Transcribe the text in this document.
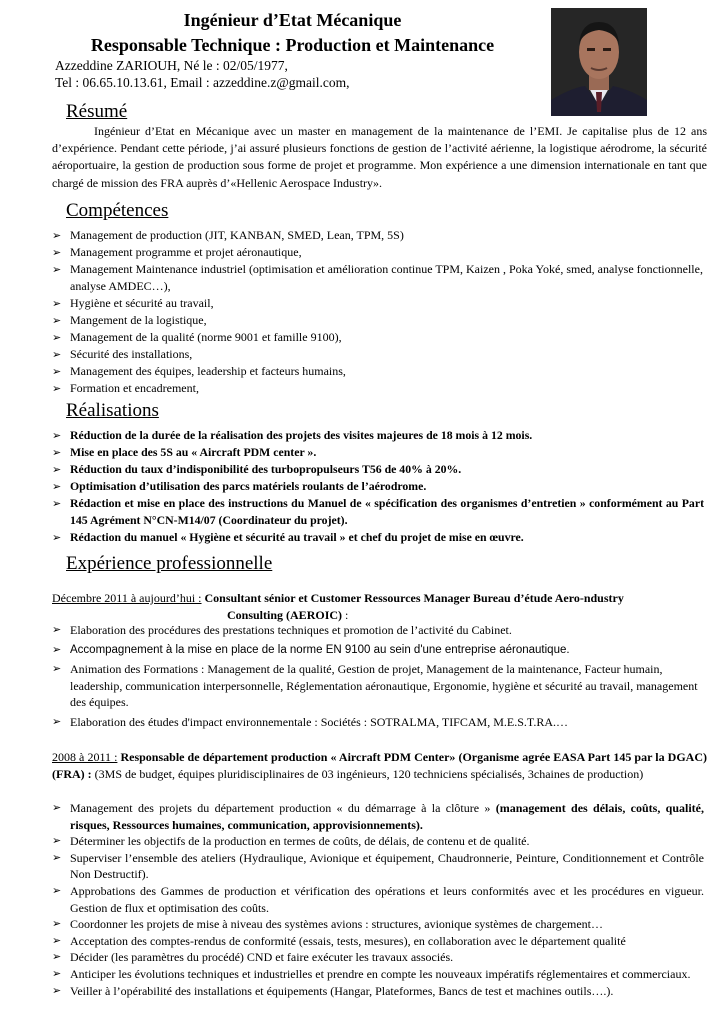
Ingénieur d’Etat Mécanique
Responsable Technique : Production et Maintenance
Azzeddine ZARIOUH, Né le : 02/05/1977,
Tel : 06.65.10.13.61, Email : azzeddine.z@gmail.com,
Résumé
Ingénieur d’Etat en Mécanique avec un master en management de la maintenance de l’EMI. Je capitalise plus de 12 ans d’expérience. Pendant cette période, j’ai assuré plusieurs fonctions de gestion de l’activité aérienne, la logistique aérodrome, la sécurité aéroportuaire, la gestion de production sous forme de projet et programme. Mon expérience a une dimension internationale en tant que chargé de mission des FRA auprès d’«Hellenic Aerospace Industry».
Compétences
➢ Management de production (JIT, KANBAN, SMED, Lean, TPM, 5S)
➢ Management programme et projet aéronautique,
➢ Management Maintenance industriel (optimisation et amélioration continue TPM, Kaizen , Poka Yoké, smed, analyse fonctionnelle, analyse AMDEC…),
➢ Hygiène et sécurité au travail,
➢ Mangement de la logistique,
➢ Management de la qualité (norme 9001 et famille 9100),
➢ Sécurité des installations,
➢ Management des équipes, leadership et facteurs humains,
➢ Formation et encadrement,
Réalisations
➢ Réduction de la durée de la réalisation des projets des visites majeures de 18 mois à 12 mois.
➢ Mise en place des 5S au « Aircraft PDM center ».
➢ Réduction du taux d’indisponibilité des turbopropulseurs T56 de 40% à 20%.
➢ Optimisation d’utilisation des parcs matériels roulants de l’aérodrome.
➢ Rédaction et mise en place des instructions du Manuel de « spécification des organismes d’entretien » conformément au Part 145 Agrément N°CN-M14/07 (Coordinateur du projet).
➢ Rédaction du manuel « Hygiène et sécurité au travail » et chef du projet de mise en œuvre.
Expérience professionnelle
Décembre 2011 à aujourd’hui : Consultant sénior et Customer Ressources Manager Bureau d’étude Aero-ndustry
Consulting (AEROIC) :
➢ Elaboration des procédures des prestations techniques et promotion de l’activité du Cabinet.
➢ Accompagnement à la mise en place de la norme EN 9100 au sein d'une entreprise aéronautique.
➢ Animation des Formations : Management de la qualité, Gestion de projet, Management de la maintenance, Facteur humain, leadership, communication interpersonnelle, Réglementation aéronautique, Ergonomie, hygiène et sécurité au travail, management des équipes.
➢ Elaboration des études d'impact environnementale : Sociétés : SOTRALMA, TIFCAM, M.E.S.T.RA.…
2008 à 2011 : Responsable de département production « Aircraft PDM Center» (Organisme agrée EASA Part 145 par la DGAC) (FRA) : (3MS de budget, équipes pluridisciplinaires de 03 ingénieurs, 120 techniciens spécialisés, 3chaines de production)
➢ Management des projets du département production « du démarrage à la clôture » (management des délais, coûts, qualité, risques, Ressources humaines, communication, approvisionnements).
➢ Déterminer les objectifs de la production en termes de coûts, de délais, de contenu et de qualité.
➢ Superviser l’ensemble des ateliers (Hydraulique, Avionique et équipement, Chaudronnerie, Peinture, Conditionnement et Contrôle Non Destructif).
➢ Approbations des Gammes de production et vérification des opérations et leurs conformités avec et les procédures en vigueur. Gestion de flux et optimisation des coûts.
➢ Coordonner les projets de mise à niveau des systèmes avions : structures, avionique systèmes de chargement…
➢ Acceptation des comptes-rendus de conformité (essais, tests, mesures), en collaboration avec le département qualité
➢ Décider (les paramètres du procédé) CND et faire exécuter les travaux associés.
➢ Anticiper les évolutions techniques et industrielles et prendre en compte les nouveaux impératifs réglementaires et commerciaux.
➢ Veiller à l’opérabilité des installations et équipements (Hangar, Plateformes, Bancs de test et machines outils….).
